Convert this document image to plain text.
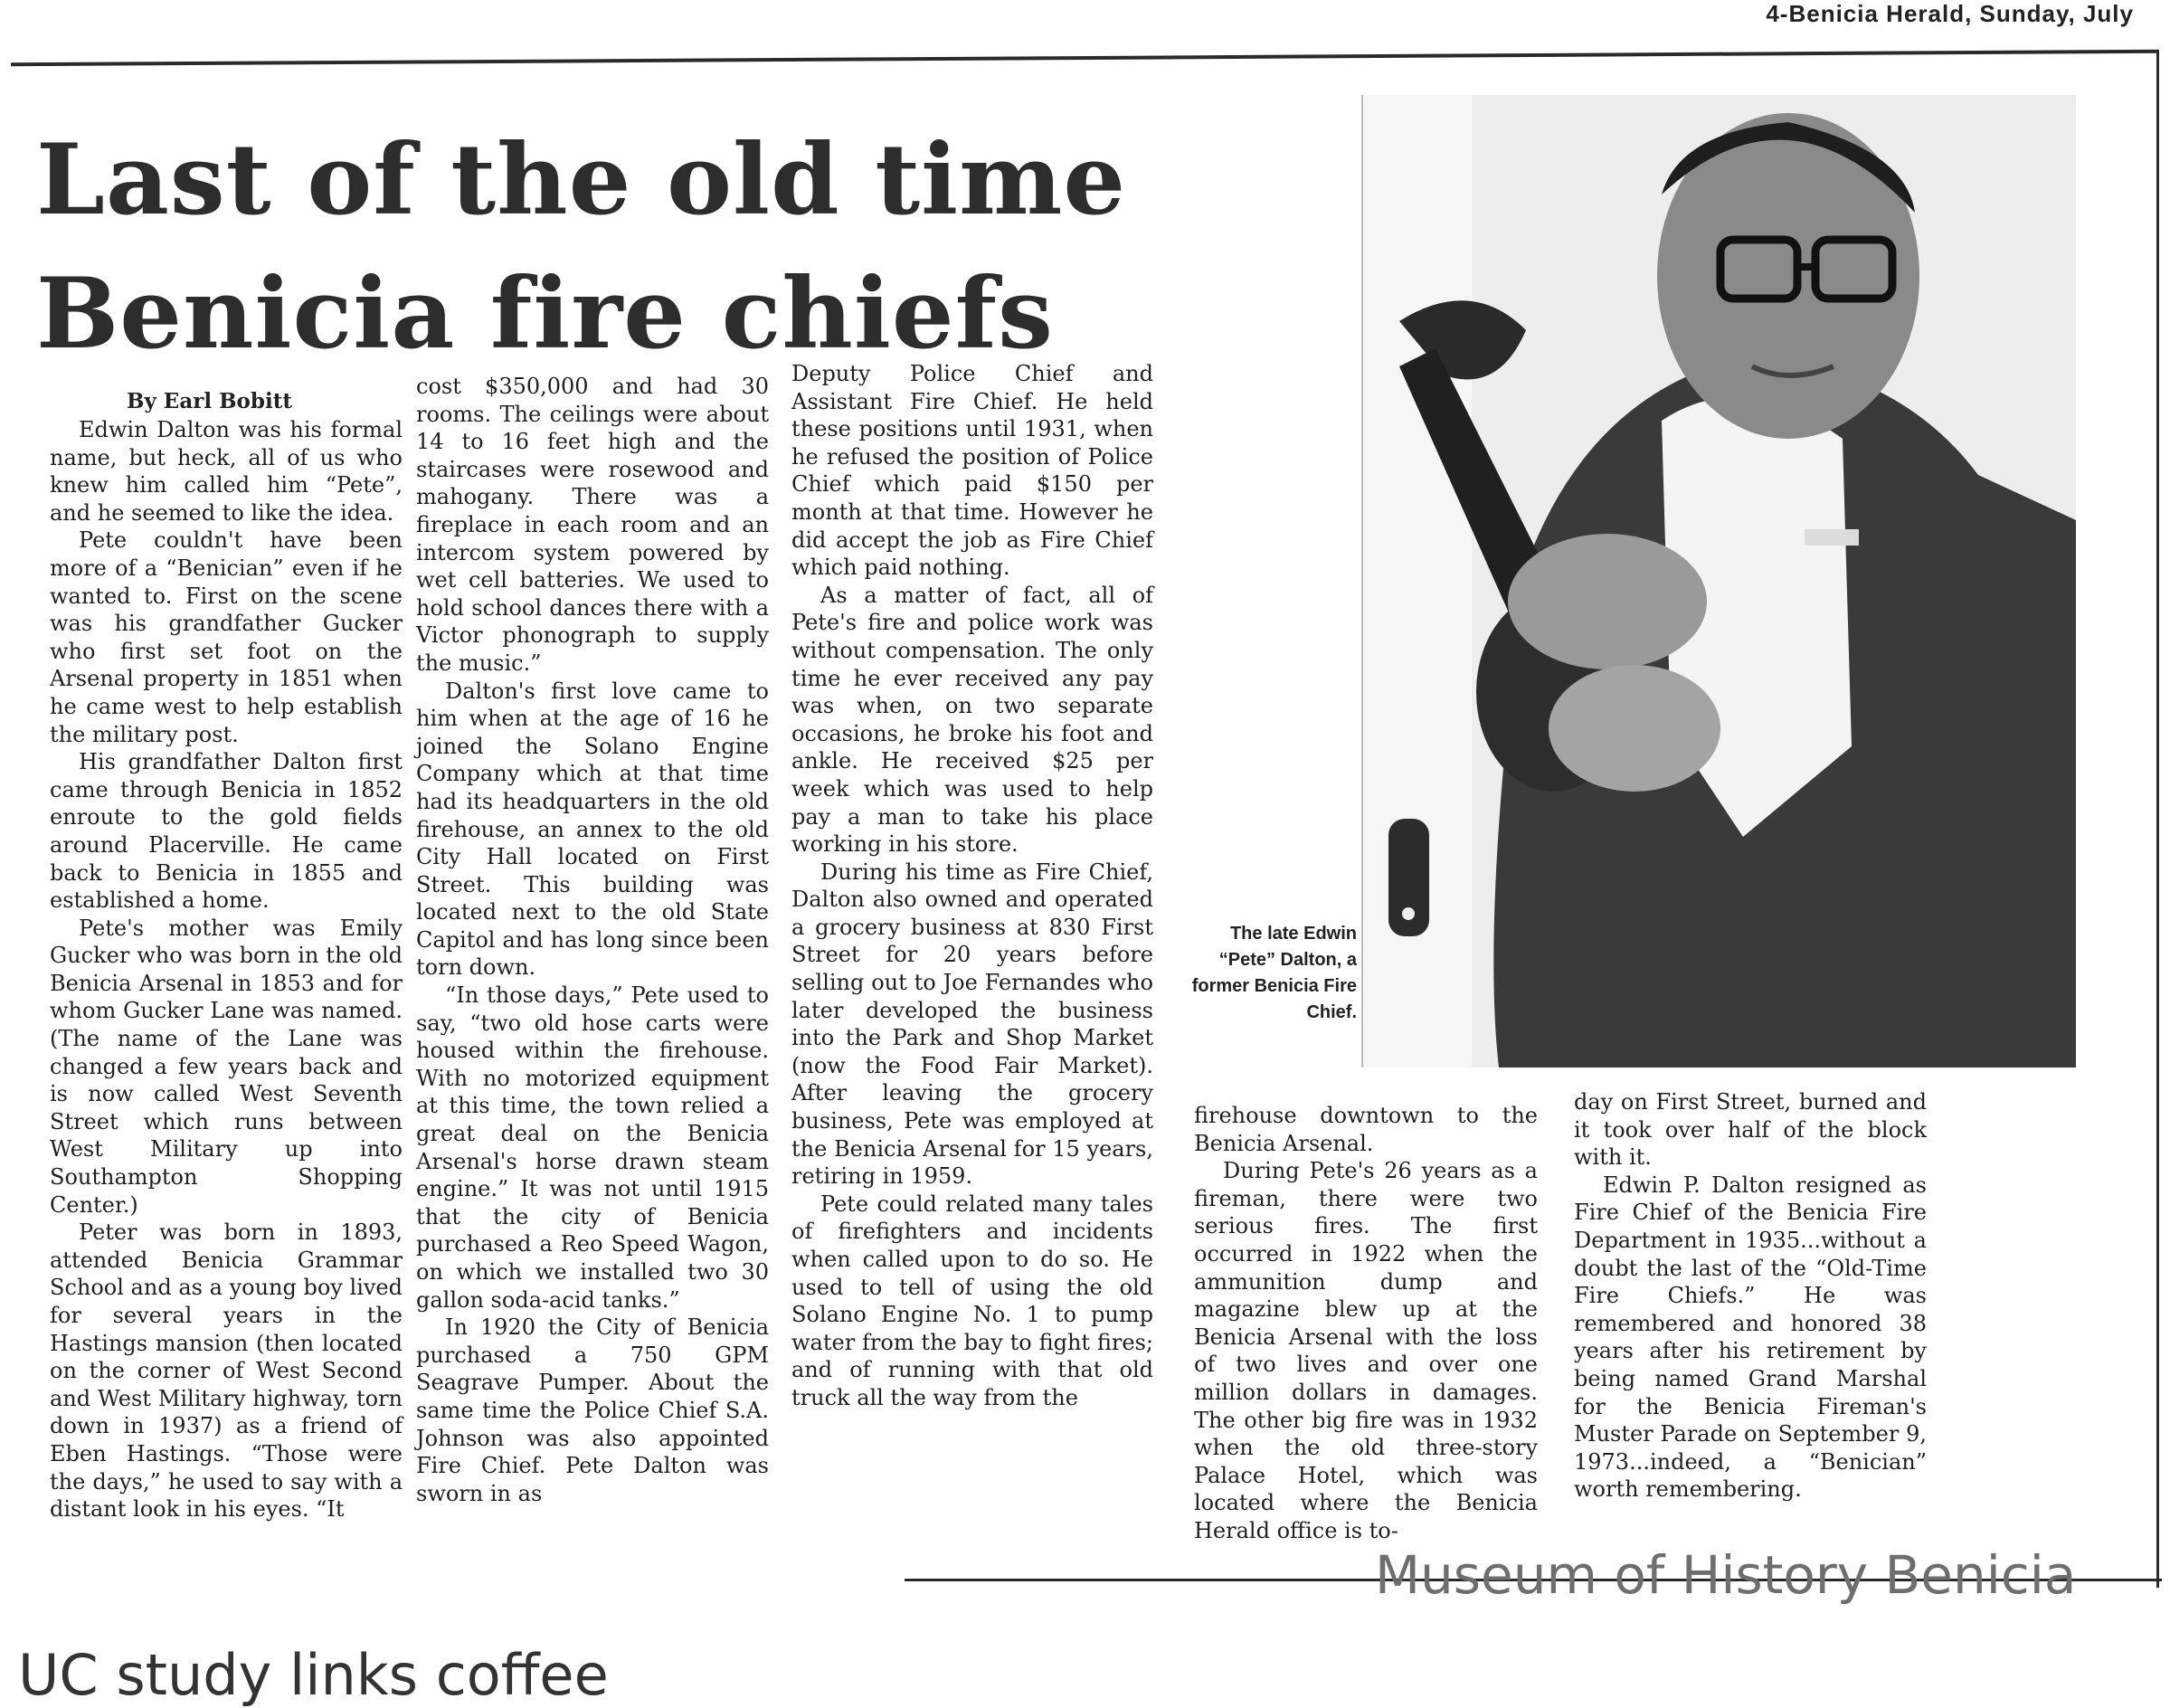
4-Benicia Herald, Sunday, July
Last of the old time
Benicia fire chiefs
By Earl Bobitt

Edwin Dalton was his formal name, but heck, all of us who knew him called him “Pete”, and he seemed to like the idea.

Pete couldn't have been more of a “Benician” even if he wanted to. First on the scene was his grandfather Gucker who first set foot on the Arsenal property in 1851 when he came west to help establish the military post.

His grandfather Dalton first came through Benicia in 1852 enroute to the gold fields around Placerville. He came back to Benicia in 1855 and established a home.

Pete's mother was Emily Gucker who was born in the old Benicia Arsenal in 1853 and for whom Gucker Lane was named. (The name of the Lane was changed a few years back and is now called West Seventh Street which runs between West Military up into Southampton Shopping Center.)

Peter was born in 1893, attended Benicia Grammar School and as a young boy lived for several years in the Hastings mansion (then located on the corner of West Second and West Military highway, torn down in 1937) as a friend of Eben Hastings. “Those were the days,” he used to say with a distant look in his eyes. “It

cost $350,000 and had 30 rooms. The ceilings were about 14 to 16 feet high and the staircases were rosewood and mahogany. There was a fireplace in each room and an intercom system powered by wet cell batteries. We used to hold school dances there with a Victor phonograph to supply the music.”

Dalton's first love came to him when at the age of 16 he joined the Solano Engine Company which at that time had its headquarters in the old firehouse, an annex to the old City Hall located on First Street. This building was located next to the old State Capitol and has long since been torn down.

“In those days,” Pete used to say, “two old hose carts were housed within the firehouse. With no motorized equipment at this time, the town relied a great deal on the Benicia Arsenal's horse drawn steam engine.” It was not until 1915 that the city of Benicia purchased a Reo Speed Wagon, on which we installed two 30 gallon soda-acid tanks.”

In 1920 the City of Benicia purchased a 750 GPM Seagrave Pumper. About the same time the Police Chief S.A. Johnson was also appointed Fire Chief. Pete Dalton was sworn in as

Deputy Police Chief and Assistant Fire Chief. He held these positions until 1931, when he refused the position of Police Chief which paid $150 per month at that time. However he did accept the job as Fire Chief which paid nothing.

As a matter of fact, all of Pete's fire and police work was without compensation. The only time he ever received any pay was when, on two separate occasions, he broke his foot and ankle. He received $25 per week which was used to help pay a man to take his place working in his store.

During his time as Fire Chief, Dalton also owned and operated a grocery business at 830 First Street for 20 years before selling out to Joe Fernandes who later developed the business into the Park and Shop Market (now the Food Fair Market). After leaving the grocery business, Pete was employed at the Benicia Arsenal for 15 years, retiring in 1959.

Pete could related many tales of firefighters and incidents when called upon to do so. He used to tell of using the old Solano Engine No. 1 to pump water from the bay to fight fires; and of running with that old truck all the way from the

firehouse downtown to the Benicia Arsenal.

During Pete's 26 years as a fireman, there were two serious fires. The first occurred in 1922 when the ammunition dump and magazine blew up at the Benicia Arsenal with the loss of two lives and over one million dollars in damages. The other big fire was in 1932 when the old three-story Palace Hotel, which was located where the Benicia Herald office is to-

day on First Street, burned and it took over half of the block with it.

Edwin P. Dalton resigned as Fire Chief of the Benicia Fire Department in 1935...without a doubt the last of the “Old-Time Fire Chiefs.” He was remembered and honored 38 years after his retirement by being named Grand Marshal for the Benicia Fireman's Muster Parade on September 9, 1973...indeed, a “Benician” worth remembering.

The late Edwin “Pete” Dalton, a former Benicia Fire Chief.
Museum of History Benicia
UC study links coffee
